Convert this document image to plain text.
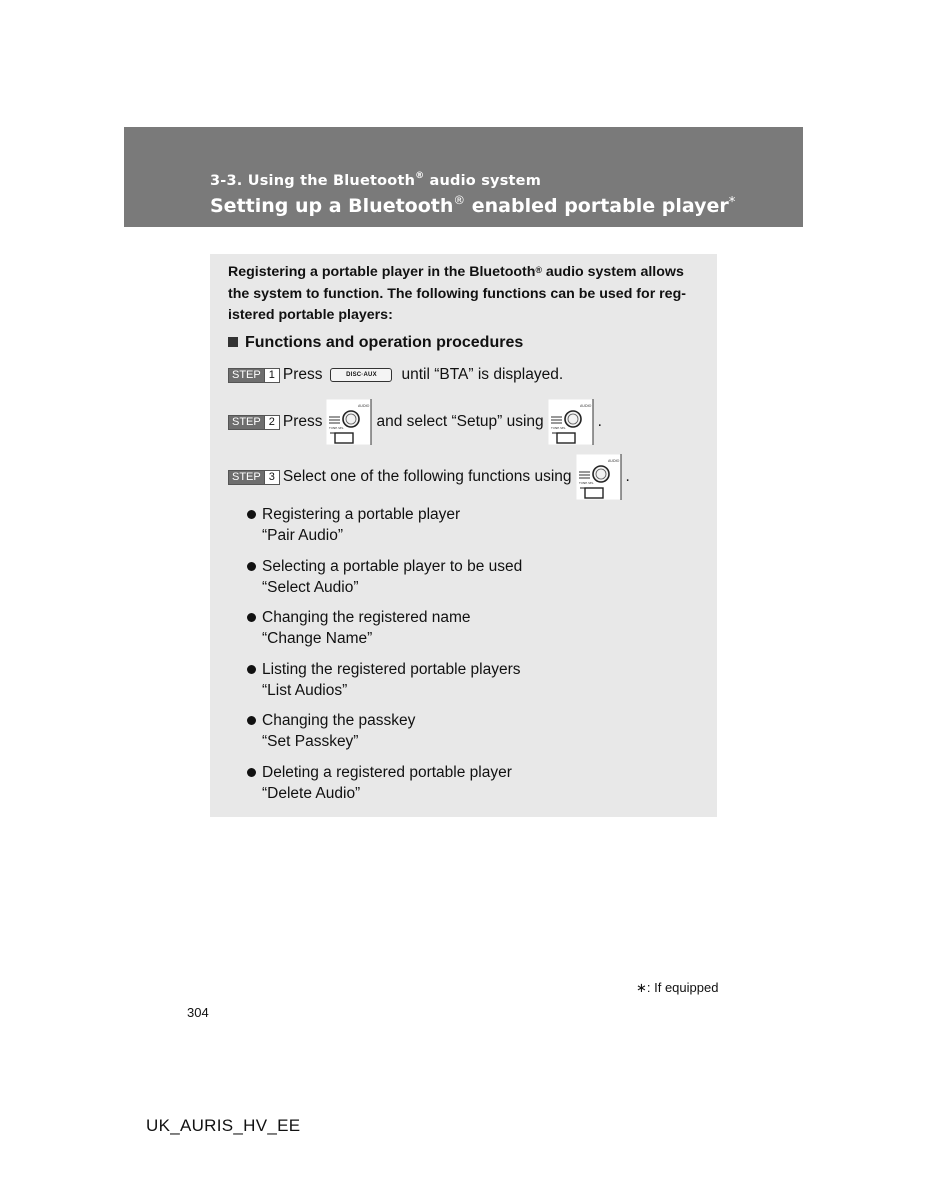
3-3. Using the Bluetooth® audio system
Setting up a Bluetooth® enabled portable player*
Registering a portable player in the Bluetooth® audio system allows the system to function. The following functions can be used for reg-istered portable players:
Functions and operation procedures
STEP 1 Press	DISC·AUX	until “BTA” is displayed.
STEP 2 Press
AUDIO
TUNE·SEL and select “Setup” using
AUDIO
TUNE·SEL .
STEP 3 Select one of the following functions using
AUDIO
TUNE·SEL .
Registering a portable player
“Pair Audio”
Selecting a portable player to be used
“Select Audio”
Changing the registered name
“Change Name”
Listing the registered portable players
“List Audios”
Changing the passkey
“Set Passkey”
Deleting a registered portable player
“Delete Audio”
∗: If equipped
304
UK_AURIS_HV_EE
